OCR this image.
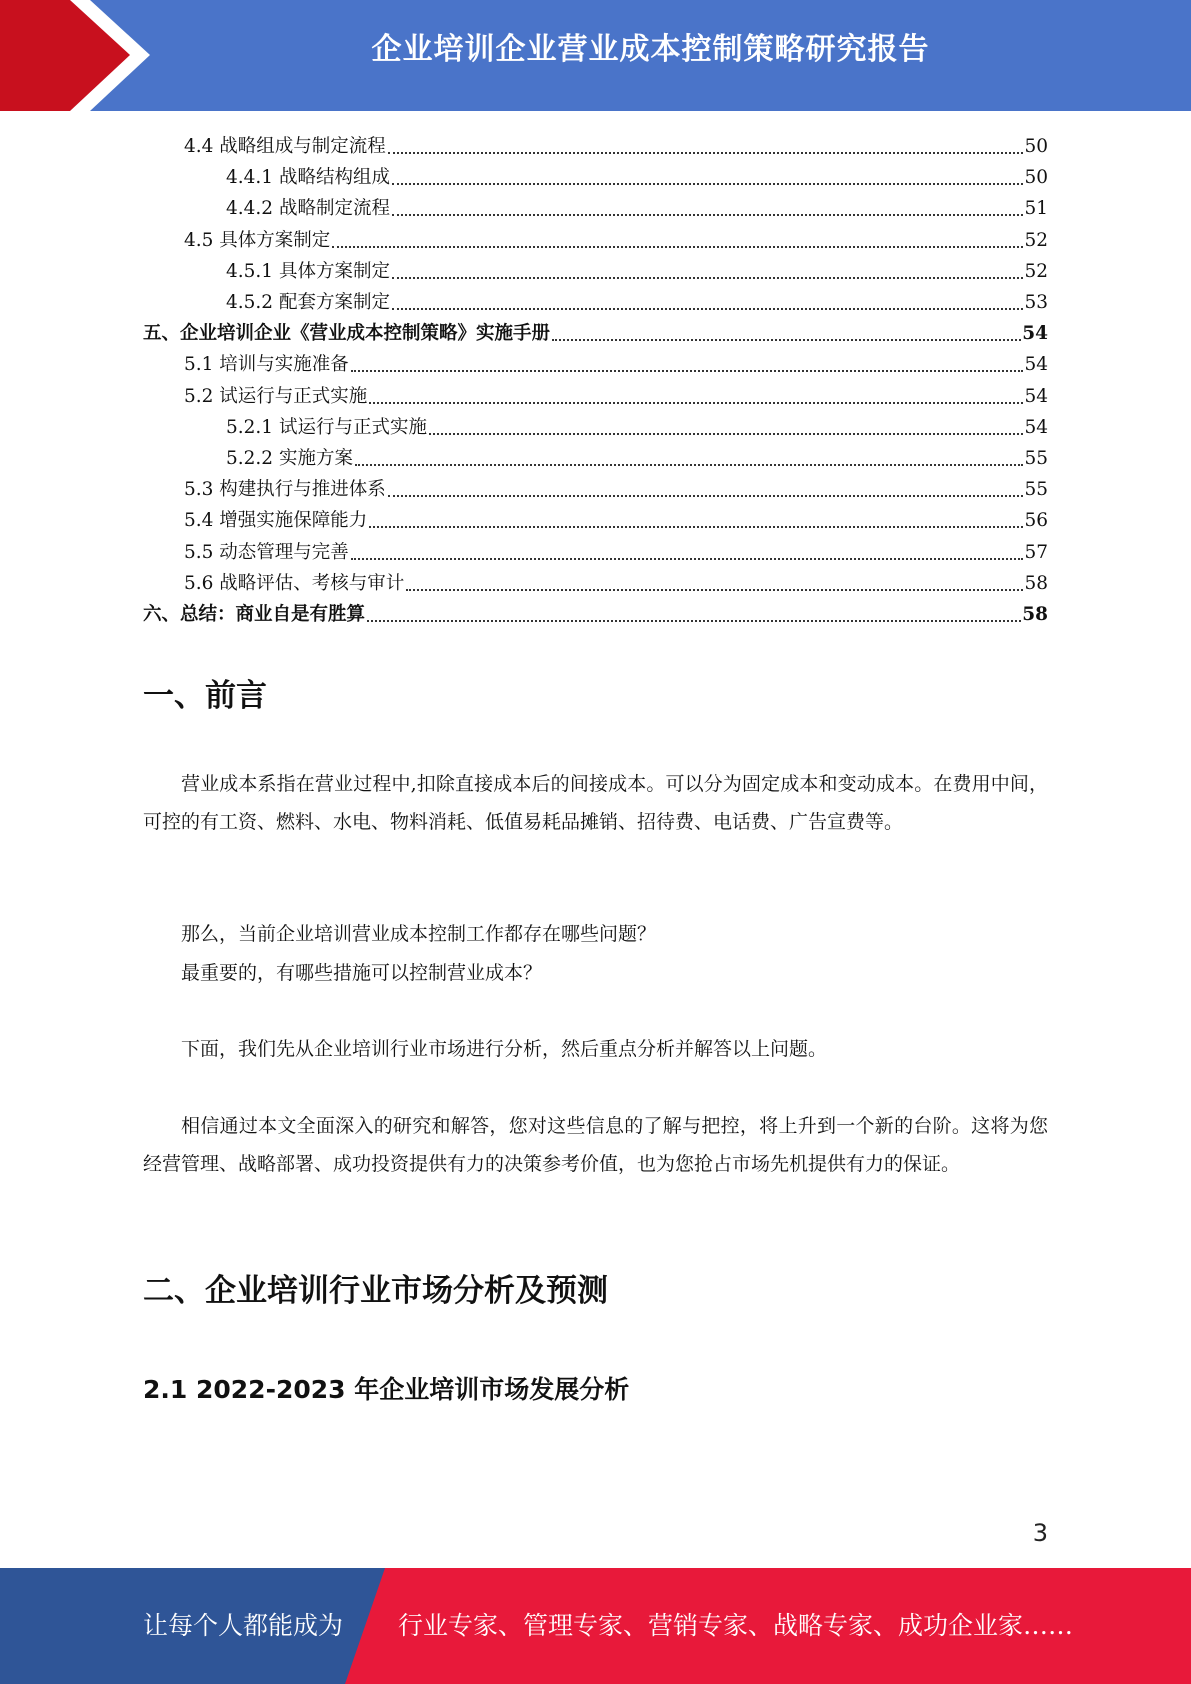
企业培训企业营业成本控制策略研究报告
4.4 战略组成与制定流程	50
4.4.1 战略结构组成	50
4.4.2 战略制定流程	51
4.5 具体方案制定	52
4.5.1 具体方案制定	52
4.5.2 配套方案制定	53
五、企业培训企业《营业成本控制策略》实施手册	54
5.1 培训与实施准备	54
5.2 试运行与正式实施	54
5.2.1 试运行与正式实施	54
5.2.2 实施方案	55
5.3 构建执行与推进体系	55
5.4 增强实施保障能力	56
5.5 动态管理与完善	57
5.6 战略评估、考核与审计	58
六、总结：商业自是有胜算	58
一、前言
营业成本系指在营业过程中,扣除直接成本后的间接成本。可以分为固定成本和变动成本。在费用中间，可控的有工资、燃料、水电、物料消耗、低值易耗品摊销、招待费、电话费、广告宣费等。
那么，当前企业培训营业成本控制工作都存在哪些问题？
最重要的，有哪些措施可以控制营业成本？
下面，我们先从企业培训行业市场进行分析，然后重点分析并解答以上问题。
相信通过本文全面深入的研究和解答，您对这些信息的了解与把控，将上升到一个新的台阶。这将为您经营管理、战略部署、成功投资提供有力的决策参考价值，也为您抢占市场先机提供有力的保证。
二、企业培训行业市场分析及预测
2.1 2022-2023 年企业培训市场发展分析
3
让每个人都能成为 行业专家、管理专家、营销专家、战略专家、成功企业家……
